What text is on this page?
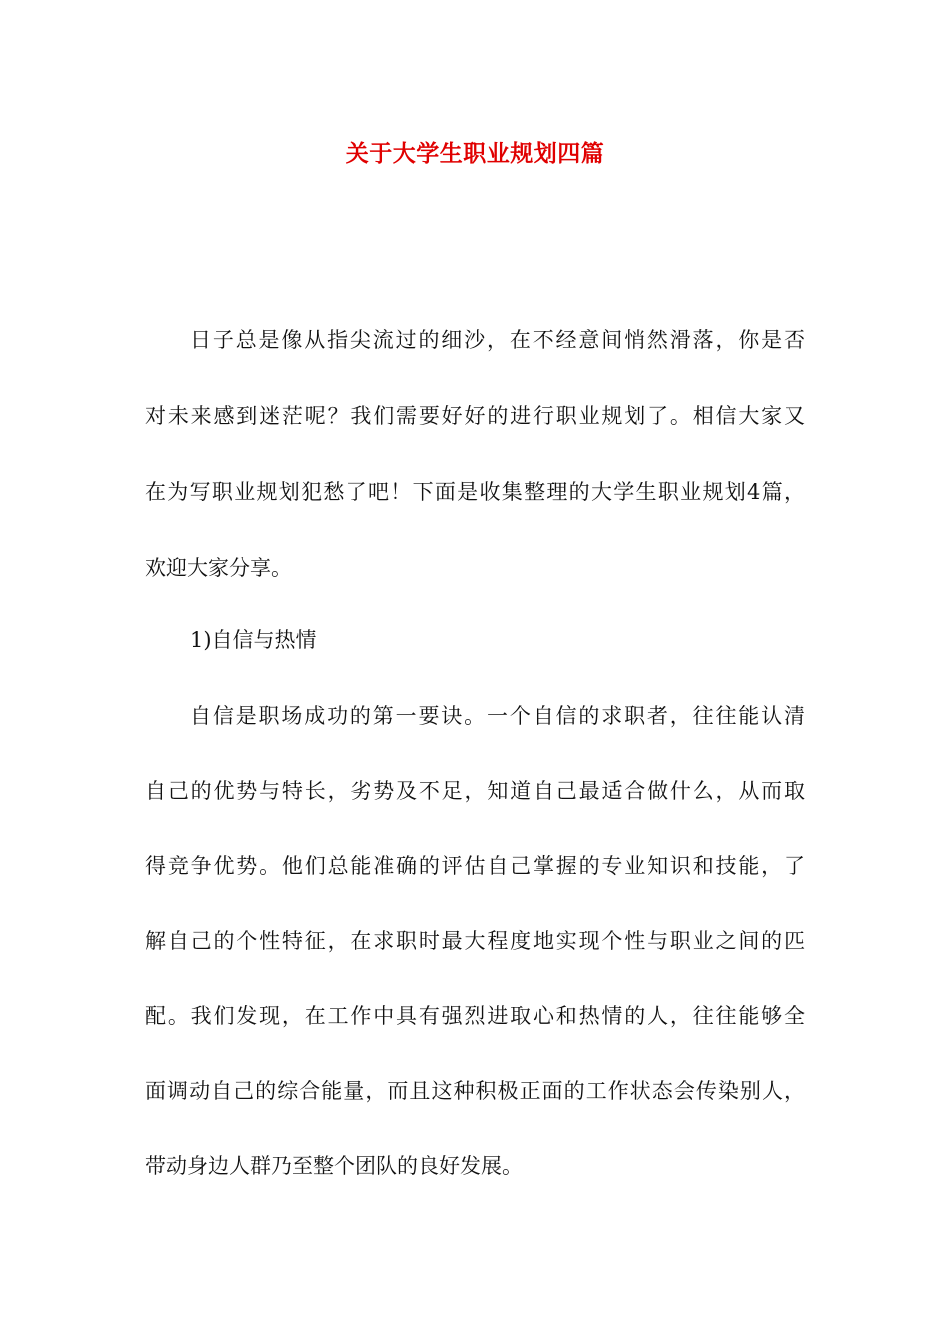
关于大学生职业规划四篇
日子总是像从指尖流过的细沙，在不经意间悄然滑落，你是否
对未来感到迷茫呢？我们需要好好的进行职业规划了。相信大家又
在为写职业规划犯愁了吧！下面是收集整理的大学生职业规划4篇，
欢迎大家分享。
1)自信与热情
自信是职场成功的第一要诀。一个自信的求职者，往往能认清
自己的优势与特长，劣势及不足，知道自己最适合做什么，从而取
得竞争优势。他们总能准确的评估自己掌握的专业知识和技能，了
解自己的个性特征，在求职时最大程度地实现个性与职业之间的匹
配。我们发现，在工作中具有强烈进取心和热情的人，往往能够全
面调动自己的综合能量，而且这种积极正面的工作状态会传染别人，
带动身边人群乃至整个团队的良好发展。
